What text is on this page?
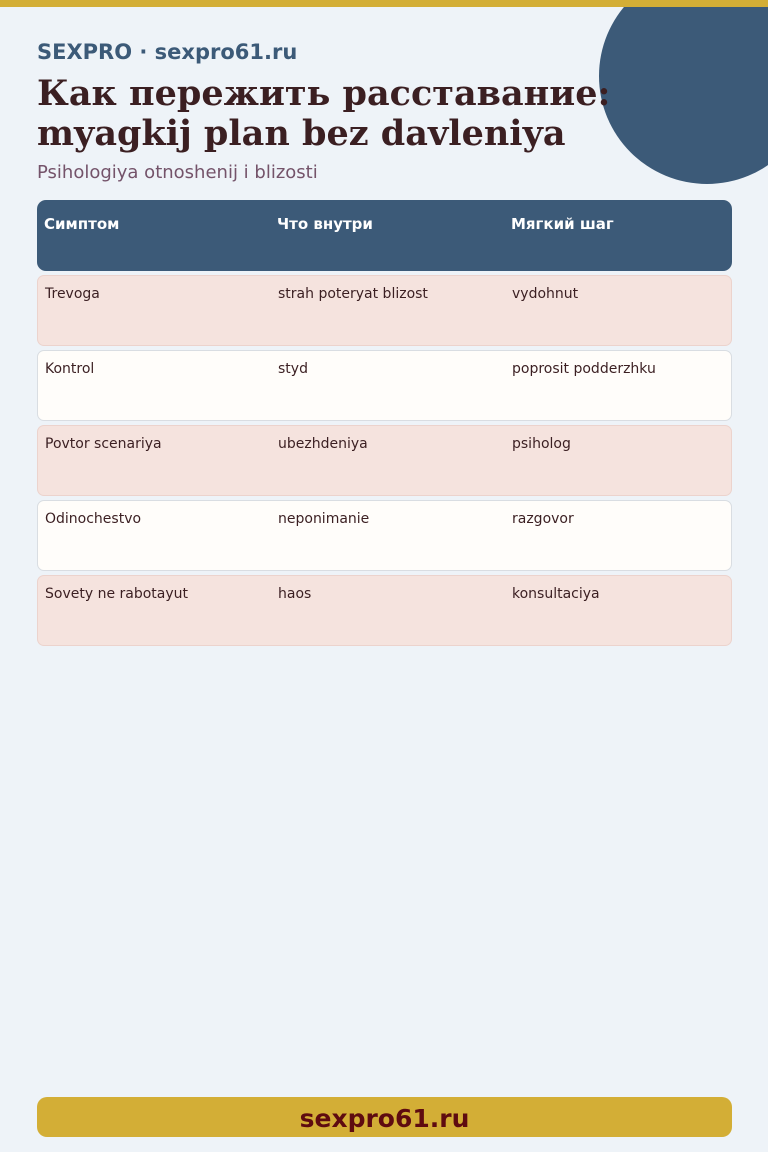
SEXPRO · sexpro61.ru
Как пережить расставание: myagkij plan bez davleniya
Psihologiya otnoshenij i blizosti
Симптом	Что внутри	Мягкий шаг
Trevoga	strah poteryat blizost	vydohnut
Kontrol	styd	poprosit podderzhku
Povtor scenariya	ubezhdeniya	psiholog
Odinochestvo	neponimanie	razgovor
Sovety ne rabotayut	haos	konsultaciya
sexpro61.ru
